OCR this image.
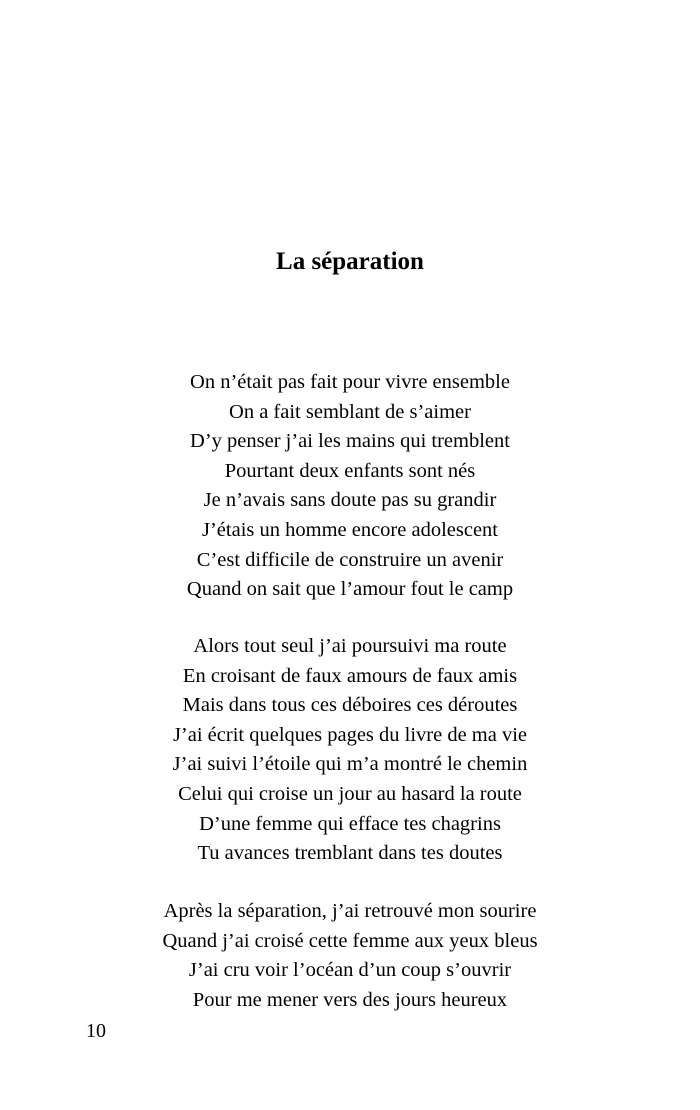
La séparation
On n’était pas fait pour vivre ensemble
On a fait semblant de s’aimer
D’y penser j’ai les mains qui tremblent
Pourtant deux enfants sont nés
Je n’avais sans doute pas su grandir
J’étais un homme encore adolescent
C’est difficile de construire un avenir
Quand on sait que l’amour fout le camp
Alors tout seul j’ai poursuivi ma route
En croisant de faux amours de faux amis
Mais dans tous ces déboires ces déroutes
J’ai écrit quelques pages du livre de ma vie
J’ai suivi l’étoile qui m’a montré le chemin
Celui qui croise un jour au hasard la route
D’une femme qui efface tes chagrins
Tu avances tremblant dans tes doutes
Après la séparation, j’ai retrouvé mon sourire
Quand j’ai croisé cette femme aux yeux bleus
J’ai cru voir l’océan d’un coup s’ouvrir
Pour me mener vers des jours heureux
10
